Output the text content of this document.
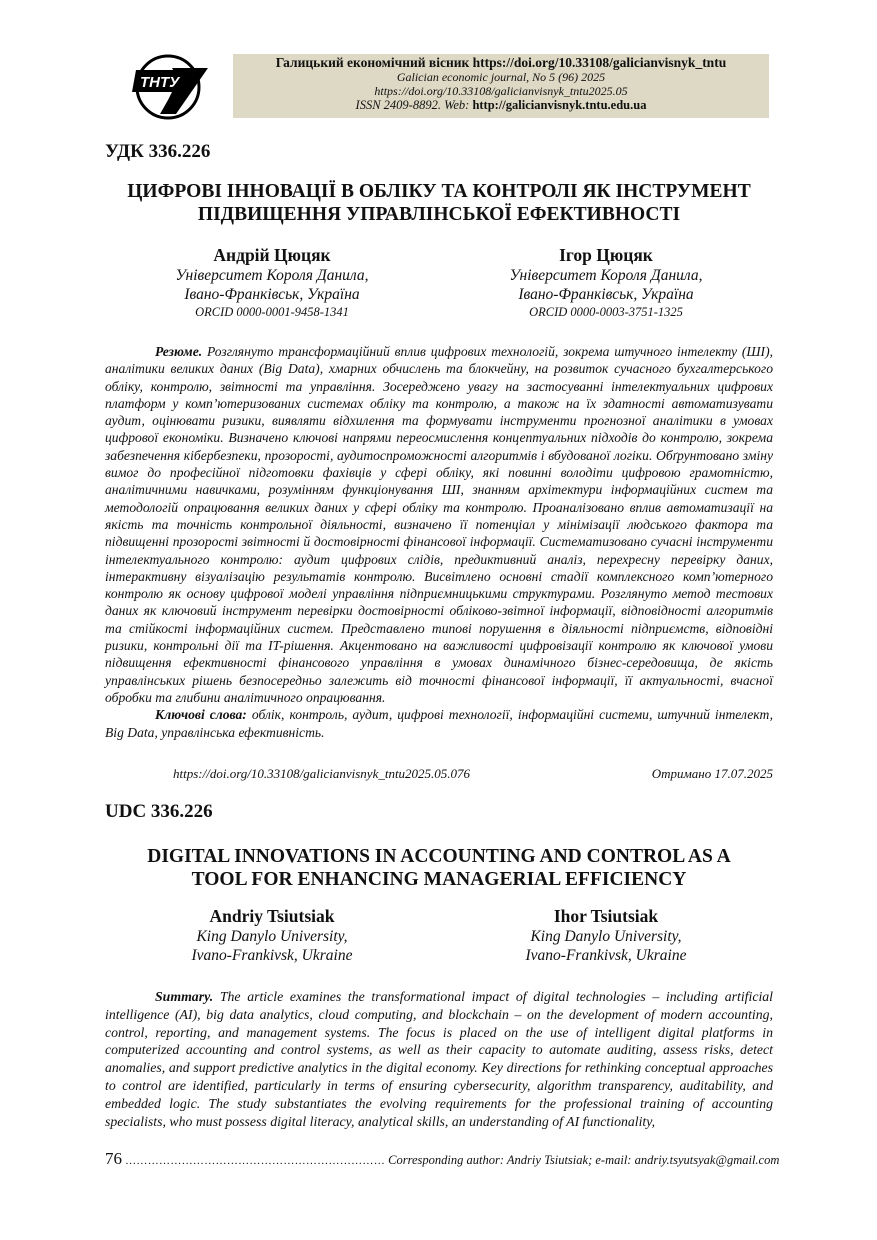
ТНТУ
Галицький економічний вісник https://doi.org/10.33108/galicianvisnyk_tntu
Galician economic journal, No 5 (96) 2025
https://doi.org/10.33108/galicianvisnyk_tntu2025.05
ISSN 2409-8892. Web: http://galicianvisnyk.tntu.edu.ua
УДК 336.226
ЦИФРОВІ ІННОВАЦІЇ В ОБЛІКУ ТА КОНТРОЛІ ЯК ІНСТРУМЕНТ
ПІДВИЩЕННЯ УПРАВЛІНСЬКОЇ ЕФЕКТИВНОСТІ
Андрій Цюцяк
Університет Короля Данила,
Івано-Франківськ, Україна
ORCID 0000-0001-9458-1341
Ігор Цюцяк
Університет Короля Данила,
Івано-Франківськ, Україна
ORCID 0000-0003-3751-1325

Резюме. Розглянуто трансформаційний вплив цифрових технологій, зокрема штучного інтелекту (ШІ), аналітики великих даних (Big Data), хмарних обчислень та блокчейну, на розвиток сучасного бухгалтерського обліку, контролю, звітності та управління. Зосереджено увагу на застосуванні інтелектуальних цифрових платформ у комп’ютеризованих системах обліку та контролю, а також на їх здатності автоматизувати аудит, оцінювати ризики, виявляти відхилення та формувати інструменти прогнозної аналітики в умовах цифрової економіки. Визначено ключові напрями переосмислення концептуальних підходів до контролю, зокрема забезпечення кібербезпеки, прозорості, аудитоспроможності алгоритмів і вбудованої логіки. Обґрунтовано зміну вимог до професійної підготовки фахівців у сфері обліку, які повинні володіти цифровою грамотністю, аналітичними навичками, розумінням функціонування ШІ, знанням архітектури інформаційних систем та методологій опрацювання великих даних у сфері обліку та контролю. Проаналізовано вплив автоматизації на якість та точність контрольної діяльності, визначено її потенціал у мінімізації людського фактора та підвищенні прозорості звітності й достовірності фінансової інформації. Систематизовано сучасні інструменти інтелектуального контролю: аудит цифрових слідів, предиктивний аналіз, перехресну перевірку даних, інтерактивну візуалізацію результатів контролю. Висвітлено основні стадії комплексного комп’ютерного контролю як основу цифрової моделі управління підприємницькими структурами. Розглянуто метод тестових даних як ключовий інструмент перевірки достовірності обліково-звітної інформації, відповідності алгоритмів та стійкості інформаційних систем. Представлено типові порушення в діяльності підприємств, відповідні ризики, контрольні дії та IT-рішення. Акцентовано на важливості цифровізації контролю як ключової умови підвищення ефективності фінансового управління в умовах динамічного бізнес-середовища, де якість управлінських рішень безпосередньо залежить від точності фінансової інформації, її актуальності, вчасної обробки та глибини аналітичного опрацювання.

Ключові слова: облік, контроль, аудит, цифрові технології, інформаційні системи, штучний інтелект, Big Data, управлінська ефективність.

https://doi.org/10.33108/galicianvisnyk_tntu2025.05.076	Отримано 17.07.2025
UDC 336.226
DIGITAL INNOVATIONS IN ACCOUNTING AND CONTROL AS A
TOOL FOR ENHANCING MANAGERIAL EFFICIENCY
Andriy Tsiutsiak
King Danylo University,
Ivano-Frankivsk, Ukraine
Ihor Tsiutsiak
King Danylo University,
Ivano-Frankivsk, Ukraine

Summary. The article examines the transformational impact of digital technologies – including artificial intelligence (AI), big data analytics, cloud computing, and blockchain – on the development of modern accounting, control, reporting, and management systems. The focus is placed on the use of intelligent digital platforms in computerized accounting and control systems, as well as their capacity to automate auditing, assess risks, detect anomalies, and support predictive analytics in the digital economy. Key directions for rethinking conceptual approaches to control are identified, particularly in terms of ensuring cybersecurity, algorithm transparency, auditability, and embedded logic. The study substantiates the evolving requirements for the professional training of accounting specialists, who must possess digital literacy, analytical skills, an understanding of AI functionality,

76 …………………………………………………………… Corresponding author: Andriy Tsiutsiak; e-mail: andriy.tsyutsyak@gmail.com
